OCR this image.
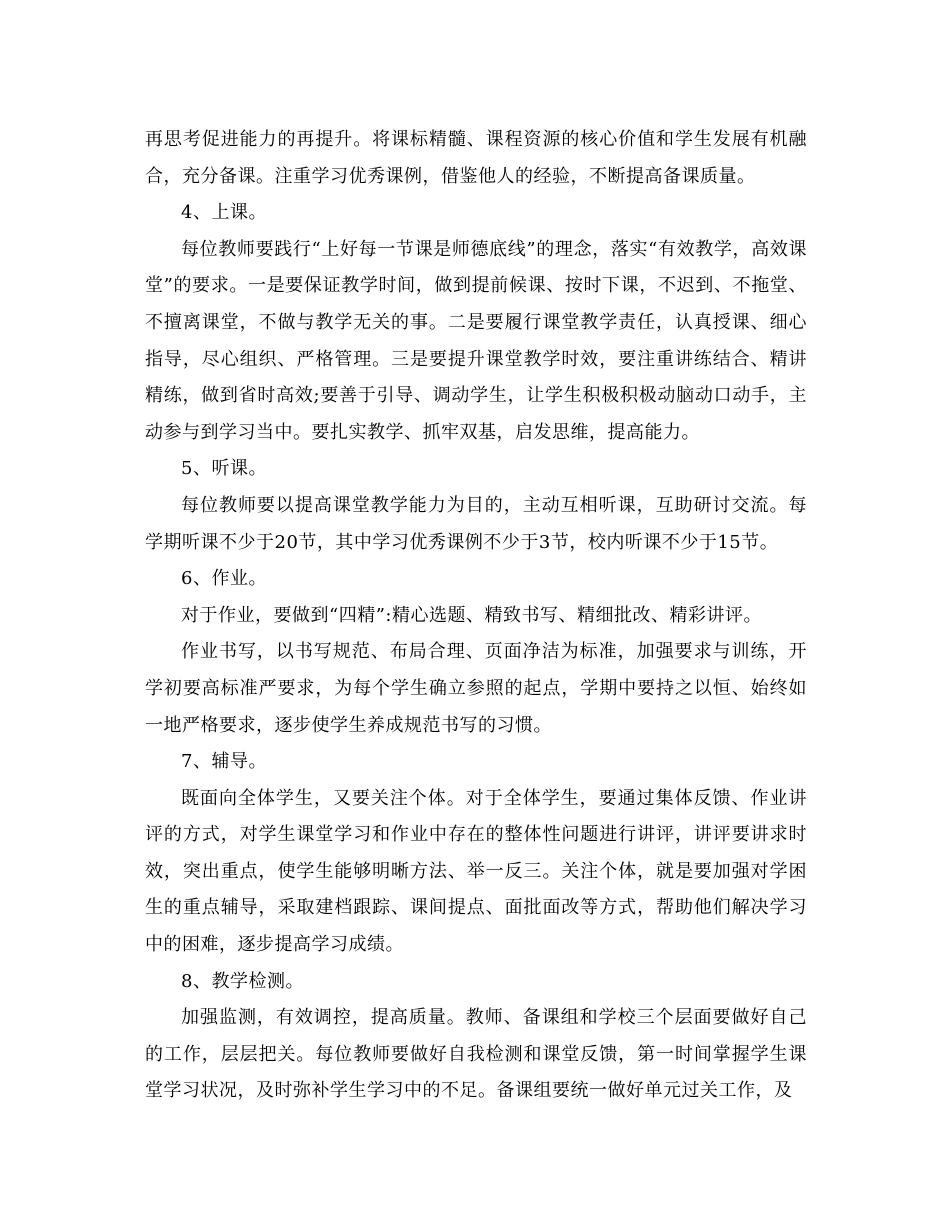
再思考促进能力的再提升。将课标精髓、课程资源的核心价值和学生发展有机融合，充分备课。注重学习优秀课例，借鉴他人的经验，不断提高备课质量。

4、上课。

每位教师要践行“上好每一节课是师德底线”的理念，落实“有效教学，高效课堂”的要求。一是要保证教学时间，做到提前候课、按时下课，不迟到、不拖堂、不擅离课堂，不做与教学无关的事。二是要履行课堂教学责任，认真授课、细心指导，尽心组织、严格管理。三是要提升课堂教学时效，要注重讲练结合、精讲精练，做到省时高效;要善于引导、调动学生，让学生积极积极动脑动口动手，主动参与到学习当中。要扎实教学、抓牢双基，启发思维，提高能力。

5、听课。

每位教师要以提高课堂教学能力为目的，主动互相听课，互助研讨交流。每学期听课不少于20节，其中学习优秀课例不少于3节，校内听课不少于15节。

6、作业。

对于作业，要做到“四精”:精心选题、精致书写、精细批改、精彩讲评。

作业书写，以书写规范、布局合理、页面净洁为标准，加强要求与训练，开学初要高标准严要求，为每个学生确立参照的起点，学期中要持之以恒、始终如一地严格要求，逐步使学生养成规范书写的习惯。

7、辅导。

既面向全体学生，又要关注个体。对于全体学生，要通过集体反馈、作业讲评的方式，对学生课堂学习和作业中存在的整体性问题进行讲评，讲评要讲求时效，突出重点，使学生能够明晰方法、举一反三。关注个体，就是要加强对学困生的重点辅导，采取建档跟踪、课间提点、面批面改等方式，帮助他们解决学习中的困难，逐步提高学习成绩。

8、教学检测。

加强监测，有效调控，提高质量。教师、备课组和学校三个层面要做好自己的工作，层层把关。每位教师要做好自我检测和课堂反馈，第一时间掌握学生课堂学习状况，及时弥补学生学习中的不足。备课组要统一做好单元过关工作，及
